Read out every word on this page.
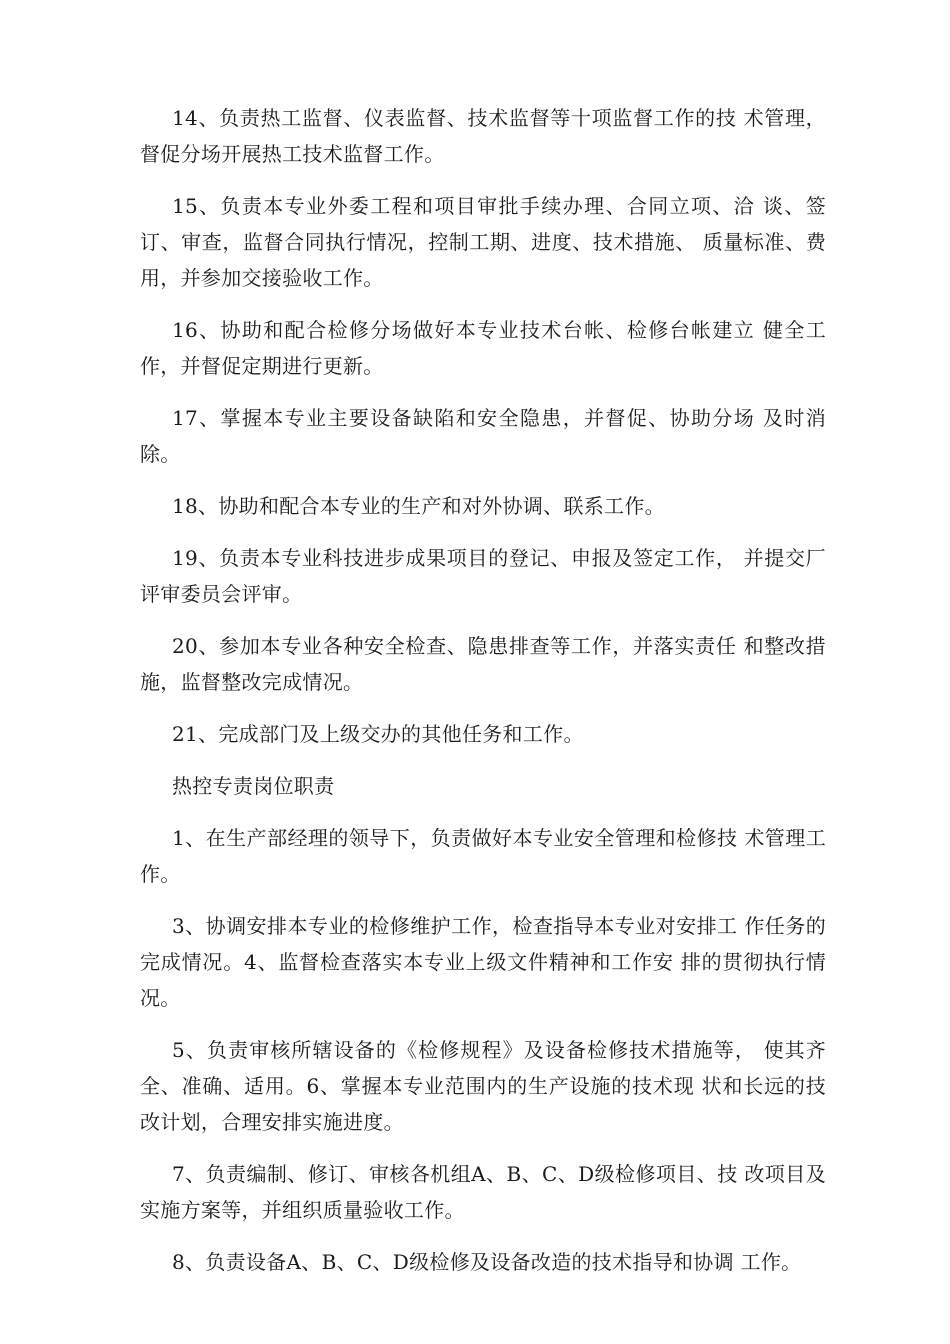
14、负责热工监督、仪表监督、技术监督等十项监督工作的技 术管理，督促分场开展热工技术监督工作。

15、负责本专业外委工程和项目审批手续办理、合同立项、洽 谈、签订、审查，监督合同执行情况，控制工期、进度、技术措施、 质量标准、费用，并参加交接验收工作。

16、协助和配合检修分场做好本专业技术台帐、检修台帐建立 健全工作，并督促定期进行更新。

17、掌握本专业主要设备缺陷和安全隐患，并督促、协助分场 及时消除。

18、协助和配合本专业的生产和对外协调、联系工作。

19、负责本专业科技进步成果项目的登记、申报及签定工作， 并提交厂评审委员会评审。

20、参加本专业各种安全检查、隐患排查等工作，并落实责任 和整改措施，监督整改完成情况。

21、完成部门及上级交办的其他任务和工作。

热控专责岗位职责

1、在生产部经理的领导下，负责做好本专业安全管理和检修技 术管理工作。

3、协调安排本专业的检修维护工作，检查指导本专业对安排工 作任务的完成情况。4、监督检查落实本专业上级文件精神和工作安 排的贯彻执行情况。

5、负责审核所辖设备的《检修规程》及设备检修技术措施等， 使其齐全、准确、适用。6、掌握本专业范围内的生产设施的技术现 状和长远的技改计划，合理安排实施进度。

7、负责编制、修订、审核各机组A、B、C、D级检修项目、技 改项目及实施方案等，并组织质量验收工作。

8、负责设备A、B、C、D级检修及设备改造的技术指导和协调 工作。
